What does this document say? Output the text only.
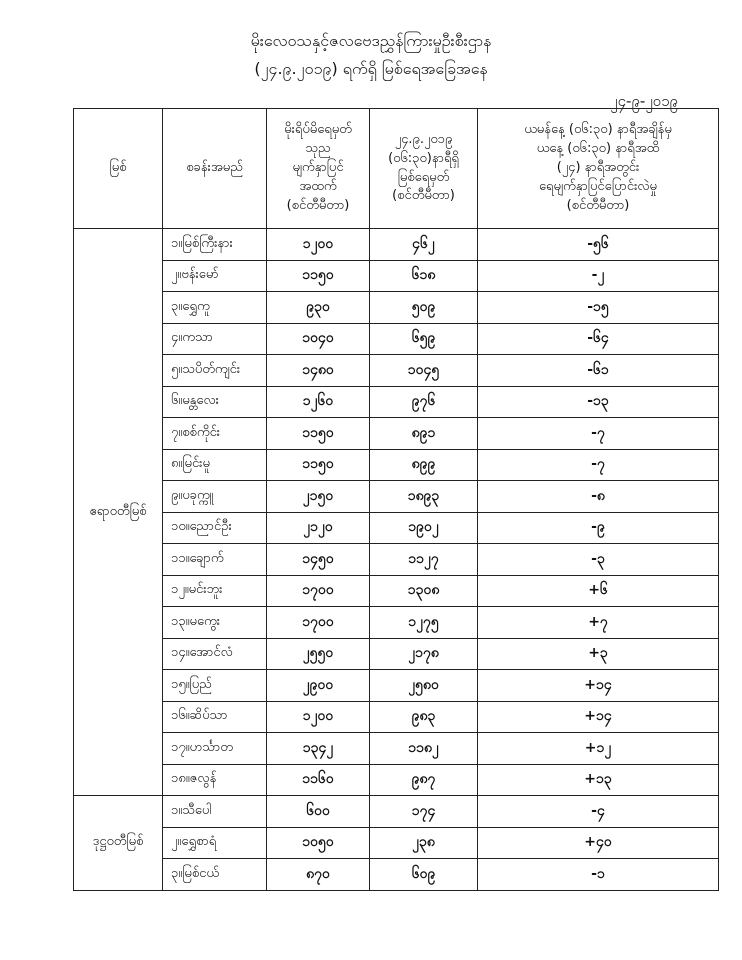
မိုးလေဝသနှင့်ဇလဗေဒညွှန်ကြားမှုဦးစီးဌာန
(၂၄.၉.၂၀၁၉) ရက်ရှိ မြစ်ရေအခြေအနေ
၂၄-၉-၂၀၁၉
မြစ်	စခန်းအမည်	မိုးရိပ်မိရေမှတ်
သုည
မျက်နှာပြင်
အထက်
(စင်တီမီတာ)	၂၄.၉.၂၀၁၉
(၀၆:၃၀)နာရီရှိ
မြစ်ရေမှတ်
(စင်တီမီတာ)	ယမန်နေ့ (၀၆:၃၀) နာရီအချိန်မှ
ယနေ့ (၀၆:၃၀) နာရီအထိ
(၂၄) နာရီအတွင်း
ရေမျက်နှာပြင်ပြောင်းလဲမှု
(စင်တီမီတာ)

ဧရာဝတီမြစ်	၁။မြစ်ကြီးနား	၁၂၀၀	၄၆၂	-၅၆
	၂။ဗန်းမော်	၁၁၅၀	၆၁၈	-၂
	၃။ရွှေကူ	၉၃၀	၅၀၉	-၁၅
	၄။ကသာ	၁၀၄၀	၆၅၉	-၆၄
	၅။သပိတ်ကျင်း	၁၄၈၀	၁၀၄၅	-၆၁
	၆။မန္တလေး	၁၂၆၀	၉၇၆	-၁၃
	၇။စစ်ကိုင်း	၁၁၅၀	၈၉၁	-၇
	၈။မြင်းမူ	၁၁၅၀	၈၉၉	-၇
	၉။ပခုက္ကူ	၂၁၅၀	၁၈၉၃	-၈
	၁၀။ညောင်ဦး	၂၁၂၀	၁၉၀၂	-၉
	၁၁။ချောက်	၁၄၅၀	၁၁၂၇	-၃
	၁၂။မင်းဘူး	၁၇၀၀	၁၃၀၈	+၆
	၁၃။မကွေး	၁၇၀၀	၁၂၇၅	+၇
	၁၄။အောင်လံ	၂၅၅၀	၂၁၇၈	+၃
	၁၅။ပြည်	၂၉၀၀	၂၅၈၀	+၁၄
	၁၆။ဆိပ်သာ	၁၂၀၀	၉၈၃	+၁၄
	၁၇။ဟင်္သာတ	၁၃၄၂	၁၁၈၂	+၁၂
	၁၈။ဇလွန်	၁၁၆၀	၉၈၇	+၁၃
ဒုဋ္ဌဝတီမြစ်	၁။သီပေါ	၆၀၀	၁၇၄	-၄
	၂။ရွှေစာရံ	၁၀၅၀	၂၃၈	+၄၀
	၃။မြစ်ငယ်	၈၇၀	၆၀၉	-၁
